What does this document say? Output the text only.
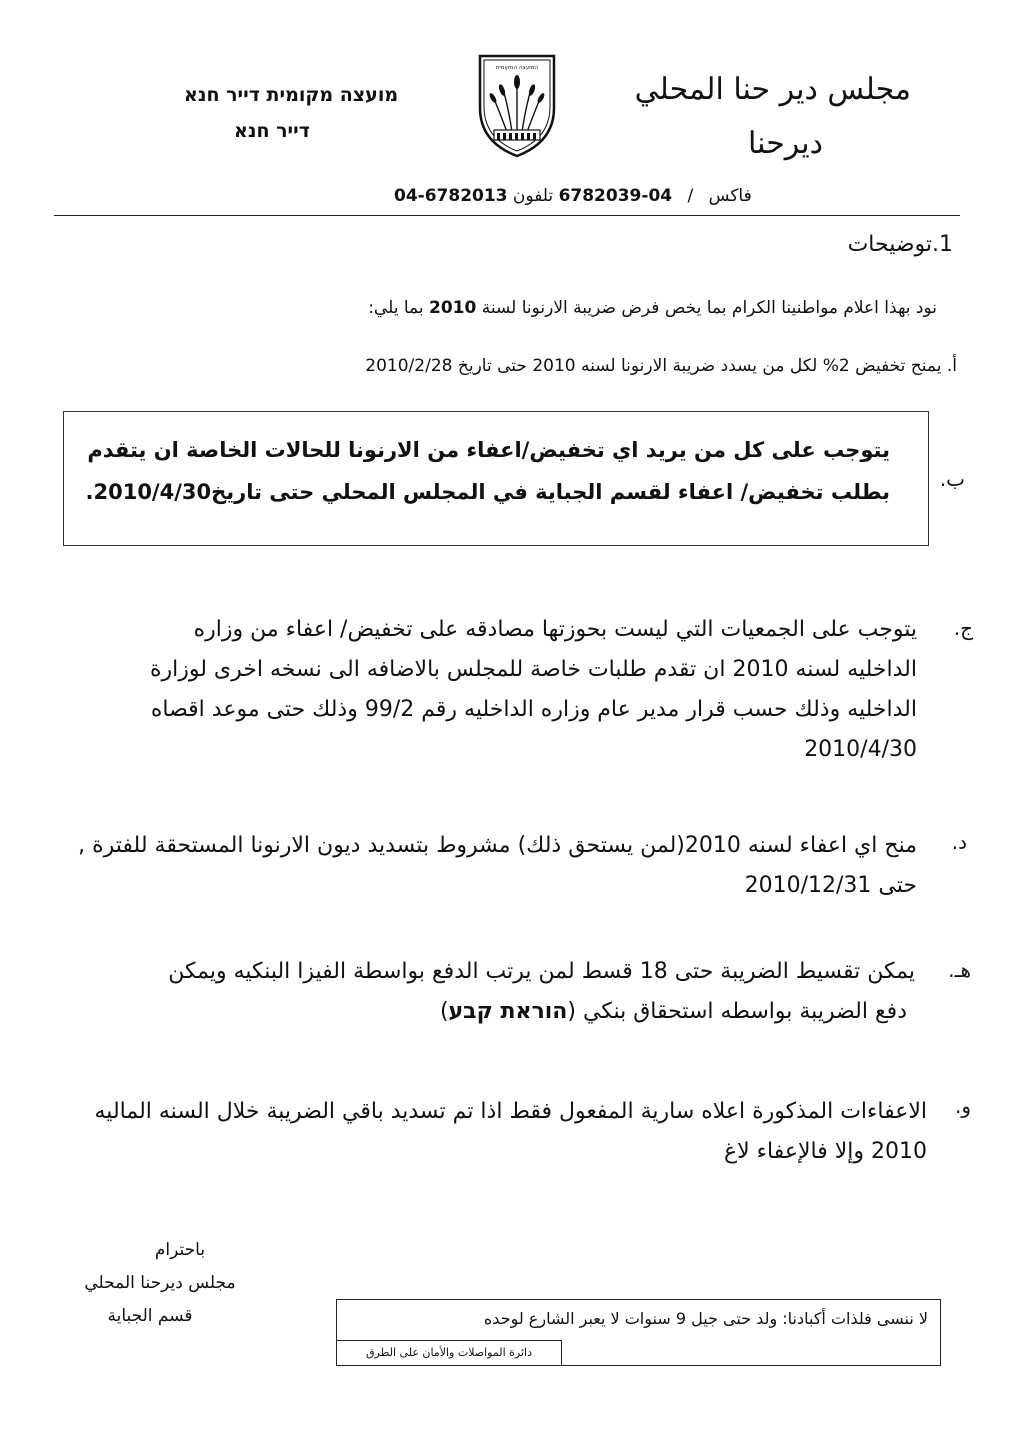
مجلس دير حنا المحلي
ديرحنا
מועצה מקומית דייר חנא
דייר חנא
המועצה המקומית
04-6782013	فاكس / 04-6782039 تلفون
1.توضيحات
نود بهذا اعلام مواطنينا الكرام بما يخص فرض ضريبة الارنونا لسنة 2010 بما يلي:
أ. يمنح تخفيض 2% لكل من يسدد ضريبة الارنونا لسنه 2010 حتى تاريخ 2010/2/28
ب.

يتوجب على كل من يريد اي تخفيض/اعفاء من الارنونا للحالات الخاصة ان يتقدم

بطلب تخفيض/ اعفاء لقسم الجباية في المجلس المحلي حتى تاريخ2010/4/30.

ج.
يتوجب على الجمعيات التي ليست بحوزتها مصادقه على تخفيض/ اعفاء من وزاره
الداخليه لسنه 2010 ان تقدم طلبات خاصة للمجلس بالاضافه الى نسخه اخرى لوزارة
الداخليه وذلك حسب قرار مدير عام وزاره الداخليه رقم 99/2 وذلك حتى موعد اقصاه
2010/4/30
د.
منح اي اعفاء لسنه 2010(لمن يستحق ذلك) مشروط بتسديد ديون الارنونا المستحقة للفترة ,
حتى 2010/12/31
هـ.
يمكن تقسيط الضريبة حتى 18 قسط لمن يرتب الدفع بواسطة الفيزا البنكيه ويمكن
دفع الضريبة بواسطه استحقاق بنكي (הוראת קבע)
و.
الاعفاءات المذكورة اعلاه سارية المفعول فقط اذا تم تسديد باقي الضريبة خلال السنه الماليه
2010 وإلا فالإعفاء لاغ
باحترام
مجلس ديرحنا المحلي
قسم الجباية	لا ننسى فلذات أكبادنا: ولد حتى جيل 9 سنوات لا يعبر الشارع لوحده
دائرة المواصلات والأمان على الطرق
